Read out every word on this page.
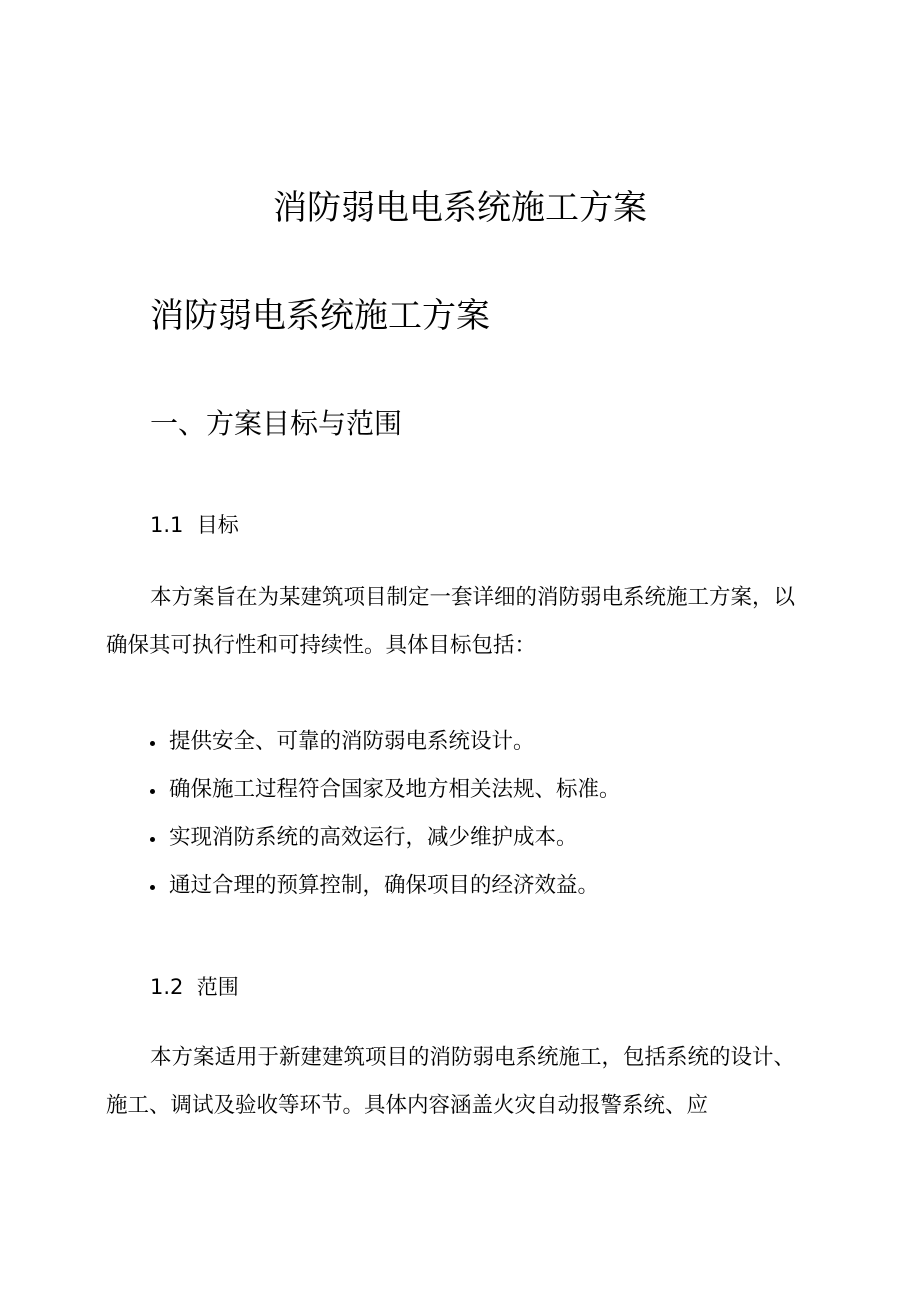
消防弱电电系统施工方案
消防弱电系统施工方案
一、方案目标与范围
1.1  目标

本方案旨在为某建筑项目制定一套详细的消防弱电系统施工方案，以确保其可执行性和可持续性。具体目标包括：

提供安全、可靠的消防弱电系统设计。
确保施工过程符合国家及地方相关法规、标准。
实现消防系统的高效运行，减少维护成本。
通过合理的预算控制，确保项目的经济效益。
1.2  范围

本方案适用于新建建筑项目的消防弱电系统施工，包括系统的设计、施工、调试及验收等环节。具体内容涵盖火灾自动报警系统、应
